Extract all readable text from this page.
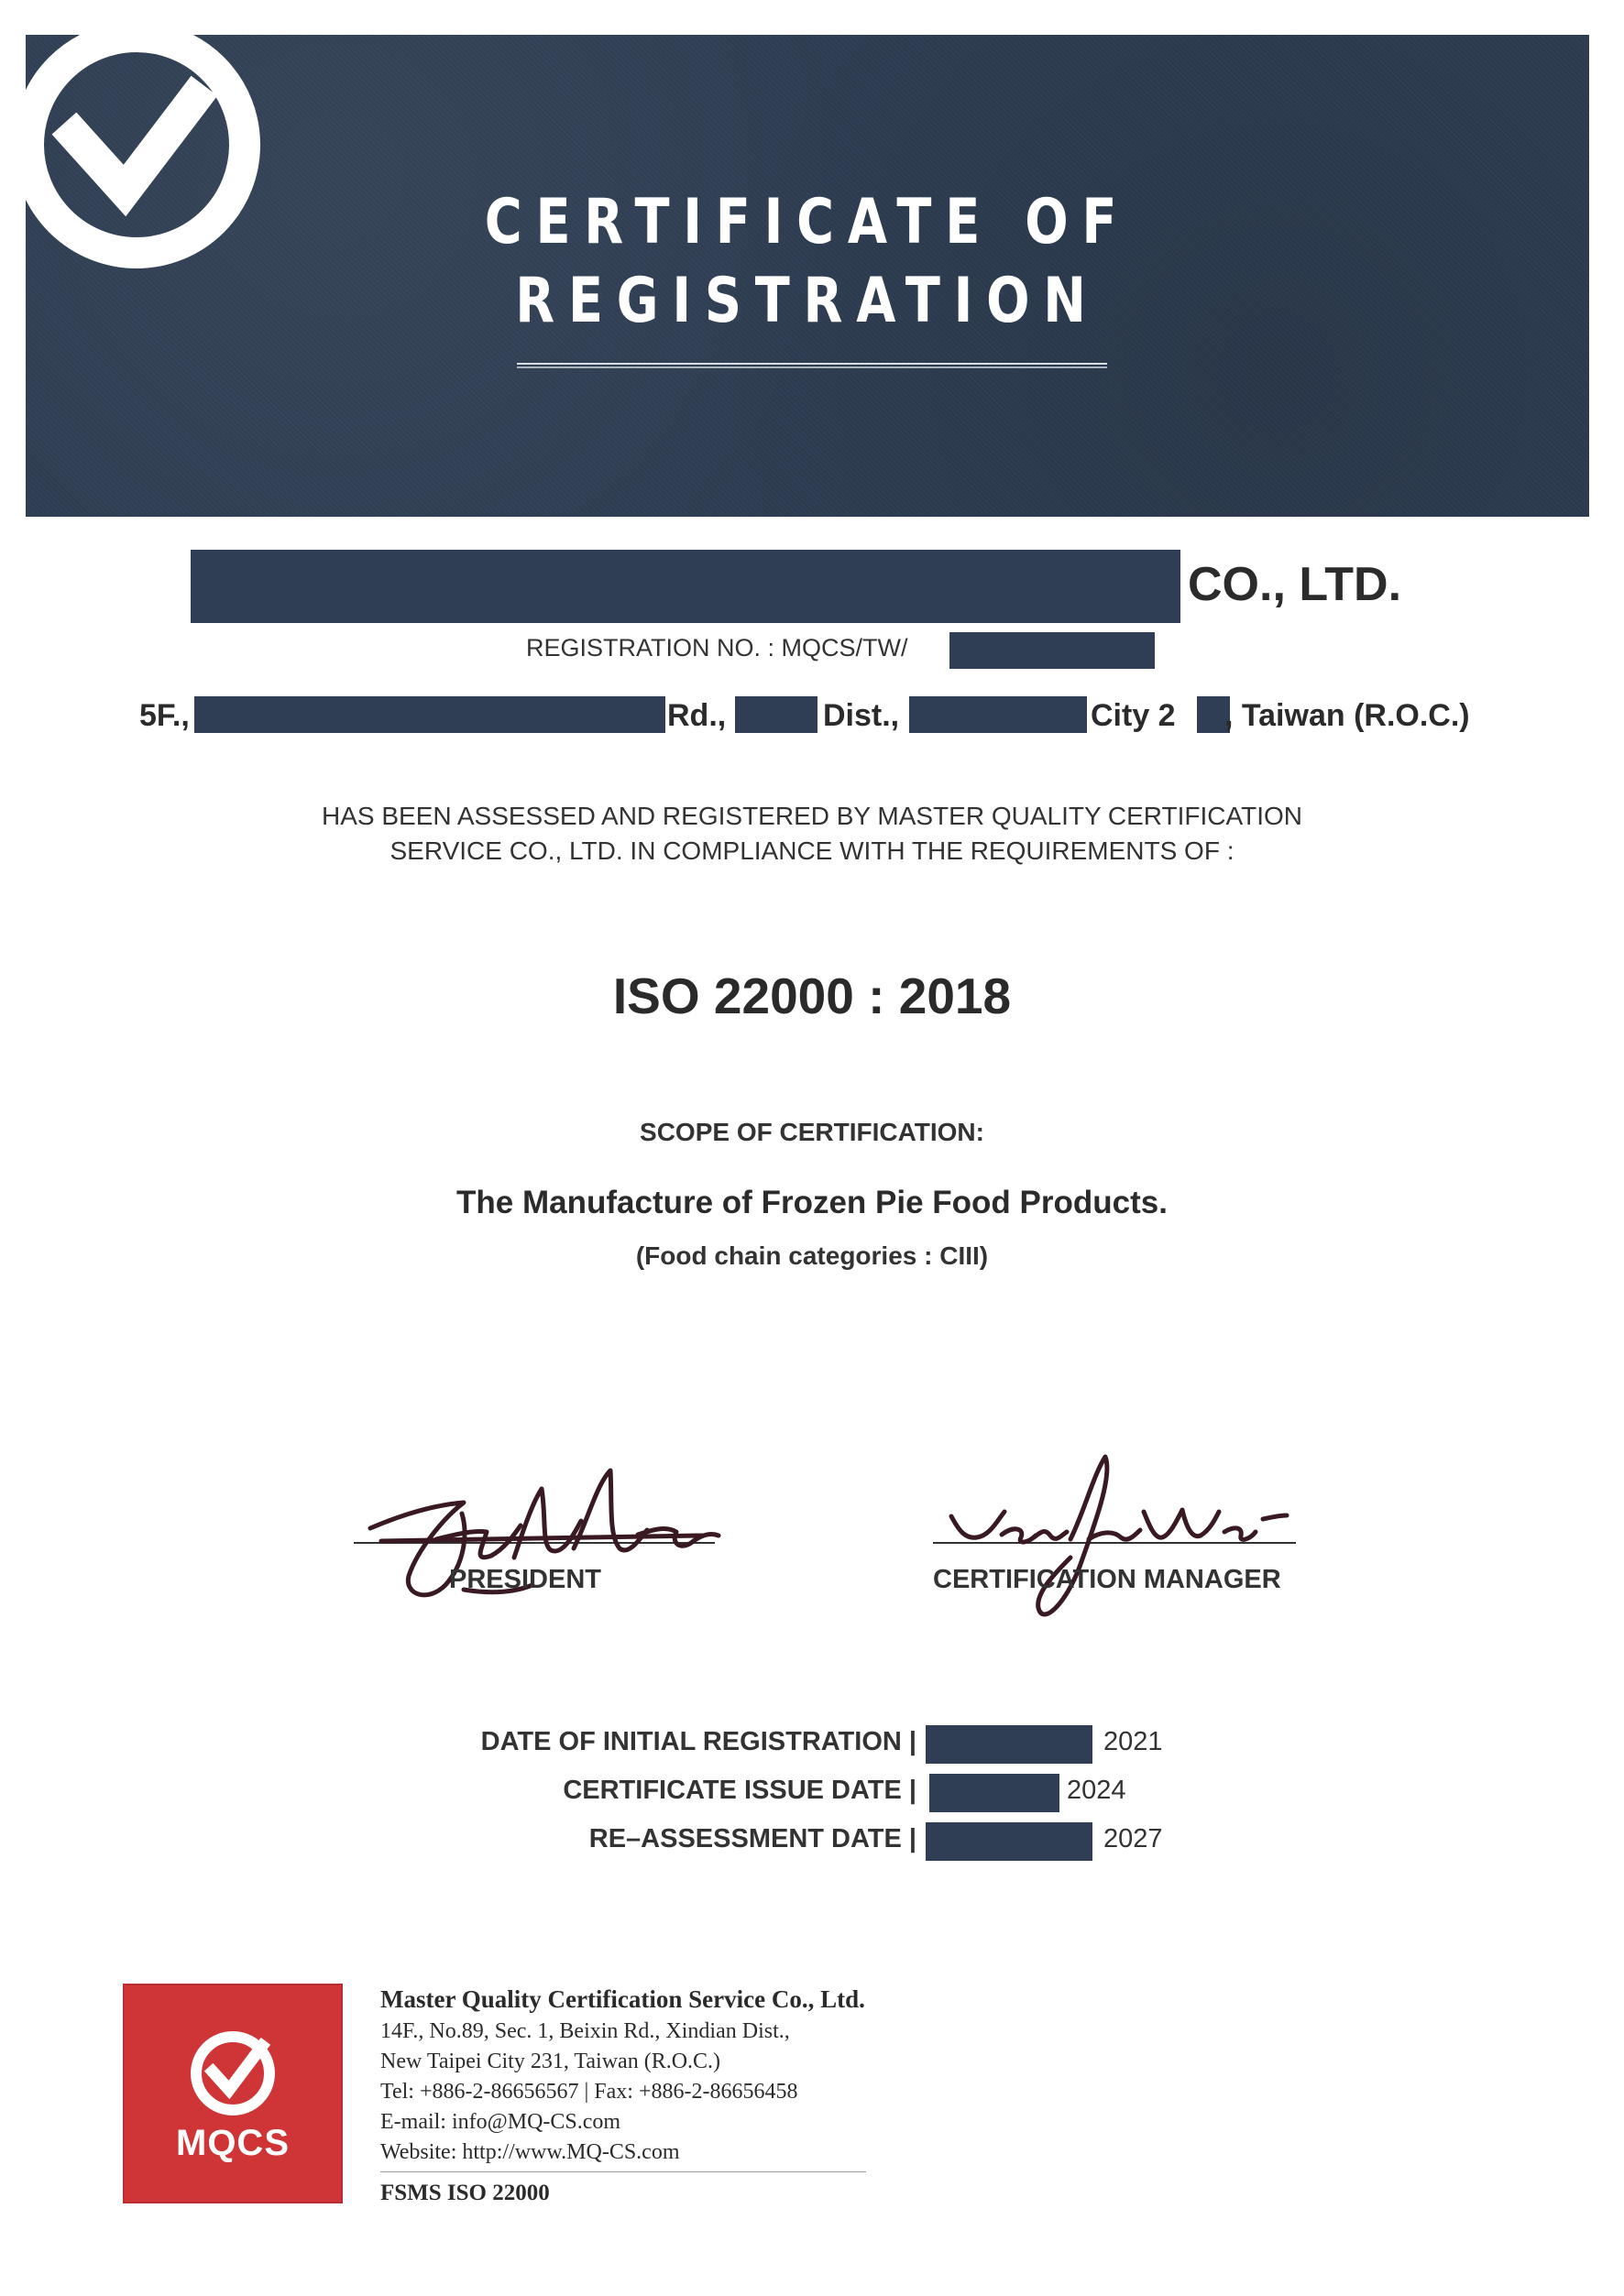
CERTIFICATE OF
REGISTRATION
CO., LTD.
REGISTRATION NO. : MQCS/TW/
5F.,	Rd.,	Dist.,	City 2 , Taiwan (R.O.C.)
HAS BEEN ASSESSED AND REGISTERED BY MASTER QUALITY CERTIFICATION
SERVICE CO., LTD. IN COMPLIANCE WITH THE REQUIREMENTS OF :
ISO 22000 : 2018
SCOPE OF CERTIFICATION:
The Manufacture of Frozen Pie Food Products.
(Food chain categories : CIII)
PRESIDENT	CERTIFICATION MANAGER
DATE OF INITIAL REGISTRATION |	2021
CERTIFICATE ISSUE DATE |	2024
RE–ASSESSMENT DATE |	2027
MQCS
Master Quality Certification Service Co., Ltd.
14F., No.89, Sec. 1, Beixin Rd., Xindian Dist.,
New Taipei City 231, Taiwan (R.O.C.)
Tel: +886-2-86656567 | Fax: +886-2-86656458
E-mail: info@MQ-CS.com
Website: http://www.MQ-CS.com
FSMS ISO 22000
